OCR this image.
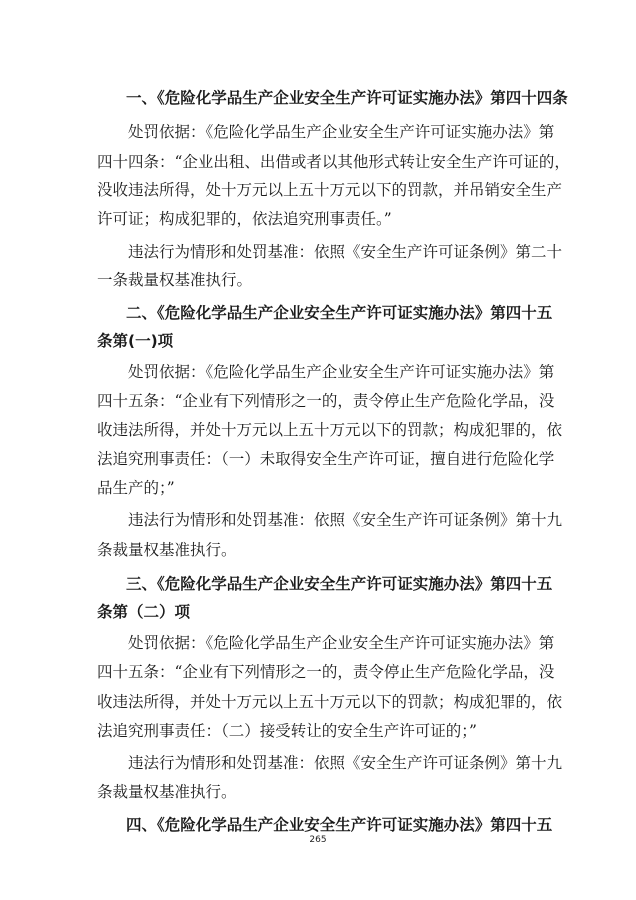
一、《危险化学品生产企业安全生产许可证实施办法》第四十四条
处罚依据：《危险化学品生产企业安全生产许可证实施办法》第
四十四条：“企业出租、出借或者以其他形式转让安全生产许可证的，
没收违法所得，处十万元以上五十万元以下的罚款，并吊销安全生产
许可证；构成犯罪的，依法追究刑事责任。”
违法行为情形和处罚基准：依照《安全生产许可证条例》第二十
一条裁量权基准执行。
二、《危险化学品生产企业安全生产许可证实施办法》第四十五
条第(一)项
处罚依据：《危险化学品生产企业安全生产许可证实施办法》第
四十五条：“企业有下列情形之一的，责令停止生产危险化学品，没
收违法所得，并处十万元以上五十万元以下的罚款；构成犯罪的，依
法追究刑事责任：（一）未取得安全生产许可证，擅自进行危险化学
品生产的；”
违法行为情形和处罚基准：依照《安全生产许可证条例》第十九
条裁量权基准执行。
三、《危险化学品生产企业安全生产许可证实施办法》第四十五
条第（二）项
处罚依据：《危险化学品生产企业安全生产许可证实施办法》第
四十五条：“企业有下列情形之一的，责令停止生产危险化学品，没
收违法所得，并处十万元以上五十万元以下的罚款；构成犯罪的，依
法追究刑事责任：（二）接受转让的安全生产许可证的；”
违法行为情形和处罚基准：依照《安全生产许可证条例》第十九
条裁量权基准执行。
四、《危险化学品生产企业安全生产许可证实施办法》第四十五
265
